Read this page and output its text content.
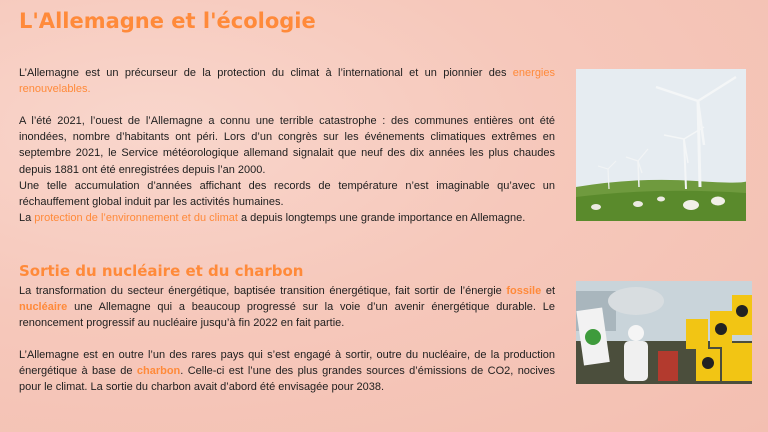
L'Allemagne et l'écologie

L’Allemagne est un précurseur de la protection du climat à l’international et un pionnier des energies renouvelables.

A l’été 2021, l’ouest de l’Allemagne a connu une terrible catastrophe : des communes entières ont été inondées, nombre d’habitants ont péri. Lors d’un congrès sur les événements climatiques extrêmes en septembre 2021, le Service météorologique allemand signalait que neuf des dix années les plus chaudes depuis 1881 ont été enregistrées depuis l’an 2000.
Une telle accumulation d’années affichant des records de température n’est imaginable qu’avec un réchauffement global induit par les activités humaines.
La protection de l’environnement et du climat a depuis longtemps une grande importance en Allemagne.
Sortie du nucléaire et du charbon

La transformation du secteur énergétique, baptisée transition énergétique, fait sortir de l’énergie fossile et nucléaire une Allemagne qui a beaucoup progressé sur la voie d’un avenir énergétique durable. Le renoncement progressif au nucléaire jusqu’à fin 2022 en fait partie.

L’Allemagne est en outre l’un des rares pays qui s’est engagé à sortir, outre du nucléaire, de la production énergétique à base de charbon. Celle-ci est l’une des plus grandes sources d’émissions de CO2, nocives pour le climat. La sortie du charbon avait d’abord été envisagée pour 2038.
